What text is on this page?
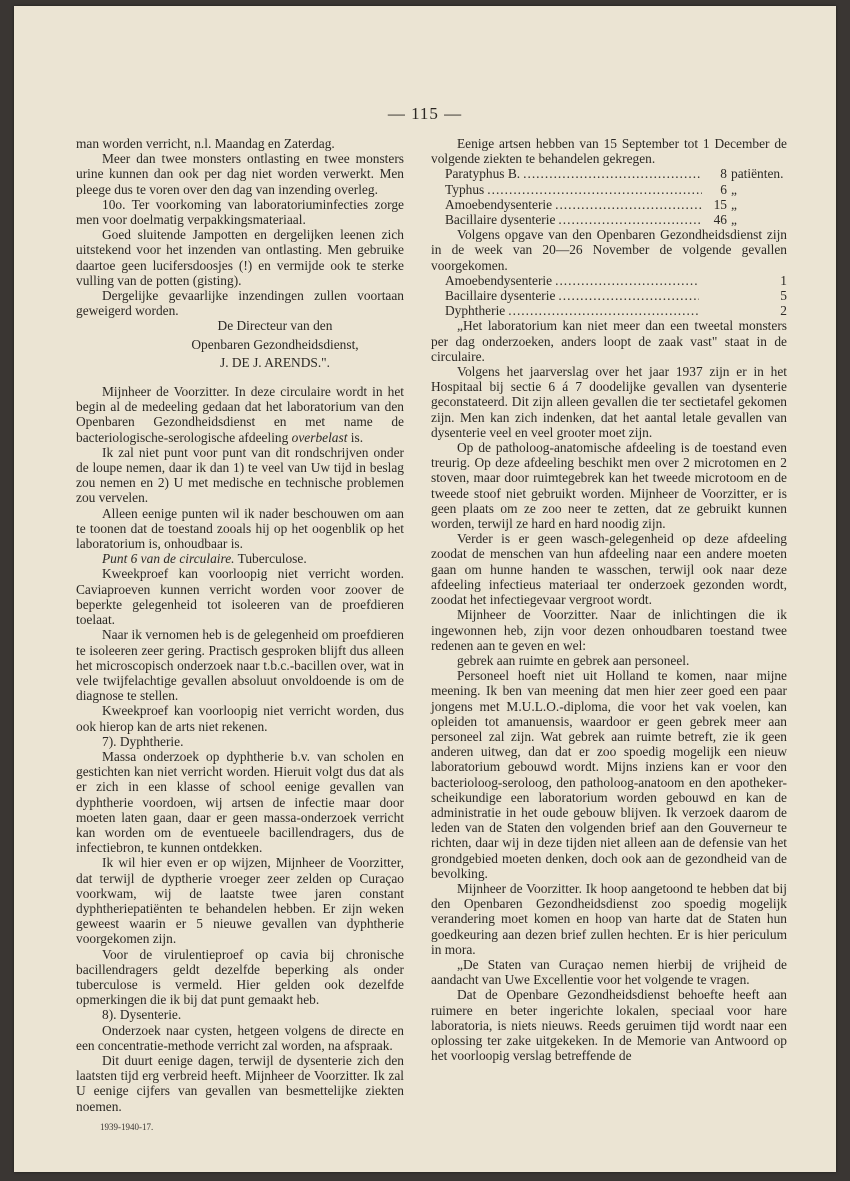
— 115 —

man worden verricht, n.l. Maandag en Zaterdag.

Meer dan twee monsters ontlasting en twee monsters urine kunnen dan ook per dag niet worden verwerkt. Men pleege dus te voren over den dag van inzending overleg.

10o. Ter voorkoming van laboratoriuminfecties zorge men voor doelmatig verpakkingsmateriaal.

Goed sluitende Jampotten en dergelijken leenen zich uitstekend voor het inzenden van ontlasting. Men gebruike daartoe geen lucifersdoosjes (!) en vermijde ook te sterke vulling van de potten (gisting).

Dergelijke gevaarlijke inzendingen zullen voortaan geweigerd worden.

De Directeur van den

Openbaren Gezondheidsdienst,

J. DE J. ARENDS.".

Mijnheer de Voorzitter. In deze circulaire wordt in het begin al de medeeling gedaan dat het laboratorium van den Openbaren Gezondheidsdienst en met name de bacteriologische-serologische afdeeling overbelast is.

Ik zal niet punt voor punt van dit rondschrijven onder de loupe nemen, daar ik dan 1) te veel van Uw tijd in beslag zou nemen en 2) U met medische en technische problemen zou vervelen.

Alleen eenige punten wil ik nader beschouwen om aan te toonen dat de toestand zooals hij op het oogenblik op het laboratorium is, onhoudbaar is.

Punt 6 van de circulaire. Tuberculose.

Kweekproef kan voorloopig niet verricht worden. Caviaproeven kunnen verricht worden voor zoover de beperkte gelegenheid tot isoleeren van de proefdieren toelaat.

Naar ik vernomen heb is de gelegenheid om proefdieren te isoleeren zeer gering. Practisch gesproken blijft dus alleen het microscopisch onderzoek naar t.b.c.-bacillen over, wat in vele twijfelachtige gevallen absoluut onvoldoende is om de diagnose te stellen.

Kweekproef kan voorloopig niet verricht worden, dus ook hierop kan de arts niet rekenen.

7). Dyphtherie.

Massa onderzoek op dyphtherie b.v. van scholen en gestichten kan niet verricht worden. Hieruit volgt dus dat als er zich in een klasse of school eenige gevallen van dyphtherie voordoen, wij artsen de infectie maar door moeten laten gaan, daar er geen massa-onderzoek verricht kan worden om de eventueele bacillendragers, dus de infectiebron, te kunnen ontdekken.

Ik wil hier even er op wijzen, Mijnheer de Voorzitter, dat terwijl de dyptherie vroeger zeer zelden op Curaçao voorkwam, wij de laatste twee jaren constant dyphtheriepatiënten te behandelen hebben. Er zijn weken geweest waarin er 5 nieuwe gevallen van dyphtherie voorgekomen zijn.

Voor de virulentieproef op cavia bij chronische bacillendragers geldt dezelfde beperking als onder tuberculose is vermeld. Hier gelden ook dezelfde opmerkingen die ik bij dat punt gemaakt heb.

8). Dysenterie.

Onderzoek naar cysten, hetgeen volgens de directe en een concentratie-methode verricht zal worden, na afspraak.

Dit duurt eenige dagen, terwijl de dysenterie zich den laatsten tijd erg verbreid heeft. Mijnheer de Voorzitter. Ik zal U eenige cijfers van gevallen van besmettelijke ziekten noemen.

Eenige artsen hebben van 15 September tot 1 December de volgende ziekten te behandelen gekregen.

Paratyphus B. .....	8 patiënten.
Typhus .....	6 „
Amoebendysenterie .....	15 „
Bacillaire dysenterie .....	46 „

Volgens opgave van den Openbaren Gezondheidsdienst zijn in de week van 20—26 November de volgende gevallen voorgekomen.

Amoebendysenterie .....	1
Bacillaire dysenterie .....	5
Dyphtherie .....	2

„Het laboratorium kan niet meer dan een tweetal monsters per dag onderzoeken, anders loopt de zaak vast" staat in de circulaire.

Volgens het jaarverslag over het jaar 1937 zijn er in het Hospitaal bij sectie 6 á 7 doodelijke gevallen van dysenterie geconstateerd. Dit zijn alleen gevallen die ter sectietafel gekomen zijn. Men kan zich indenken, dat het aantal letale gevallen van dysenterie veel en veel grooter moet zijn.

Op de patholoog-anatomische afdeeling is de toestand even treurig. Op deze afdeeling beschikt men over 2 microtomen en 2 stoven, maar door ruimtegebrek kan het tweede microtoom en de tweede stoof niet gebruikt worden. Mijnheer de Voorzitter, er is geen plaats om ze zoo neer te zetten, dat ze gebruikt kunnen worden, terwijl ze hard en hard noodig zijn.

Verder is er geen wasch-gelegenheid op deze afdeeling zoodat de menschen van hun afdeeling naar een andere moeten gaan om hunne handen te wasschen, terwijl ook naar deze afdeeling infectieus materiaal ter onderzoek gezonden wordt, zoodat het infectiegevaar vergroot wordt.

Mijnheer de Voorzitter. Naar de inlichtingen die ik ingewonnen heb, zijn voor dezen onhoudbaren toestand twee redenen aan te geven en wel:

gebrek aan ruimte en gebrek aan personeel.

Personeel hoeft niet uit Holland te komen, naar mijne meening. Ik ben van meening dat men hier zeer goed een paar jongens met M.U.L.O.-diploma, die voor het vak voelen, kan opleiden tot amanuensis, waardoor er geen gebrek meer aan personeel zal zijn. Wat gebrek aan ruimte betreft, zie ik geen anderen uitweg, dan dat er zoo spoedig mogelijk een nieuw laboratorium gebouwd wordt. Mijns inziens kan er voor den bacterioloog-seroloog, den patholoog-anatoom en den apotheker-scheikundige een laboratorium worden gebouwd en kan de administratie in het oude gebouw blijven. Ik verzoek daarom de leden van de Staten den volgenden brief aan den Gouverneur te richten, daar wij in deze tijden niet alleen aan de defensie van het grondgebied moeten denken, doch ook aan de gezondheid van de bevolking.

Mijnheer de Voorzitter. Ik hoop aangetoond te hebben dat bij den Openbaren Gezondheidsdienst zoo spoedig mogelijk verandering moet komen en hoop van harte dat de Staten hun goedkeuring aan dezen brief zullen hechten. Er is hier periculum in mora.

„De Staten van Curaçao nemen hierbij de vrijheid de aandacht van Uwe Excellentie voor het volgende te vragen.

Dat de Openbare Gezondheidsdienst behoefte heeft aan ruimere en beter ingerichte lokalen, speciaal voor hare laboratoria, is niets nieuws. Reeds geruimen tijd wordt naar een oplossing ter zake uitgekeken. In de Memorie van Antwoord op het voorloopig verslag betreffende de

1939-1940-17.
